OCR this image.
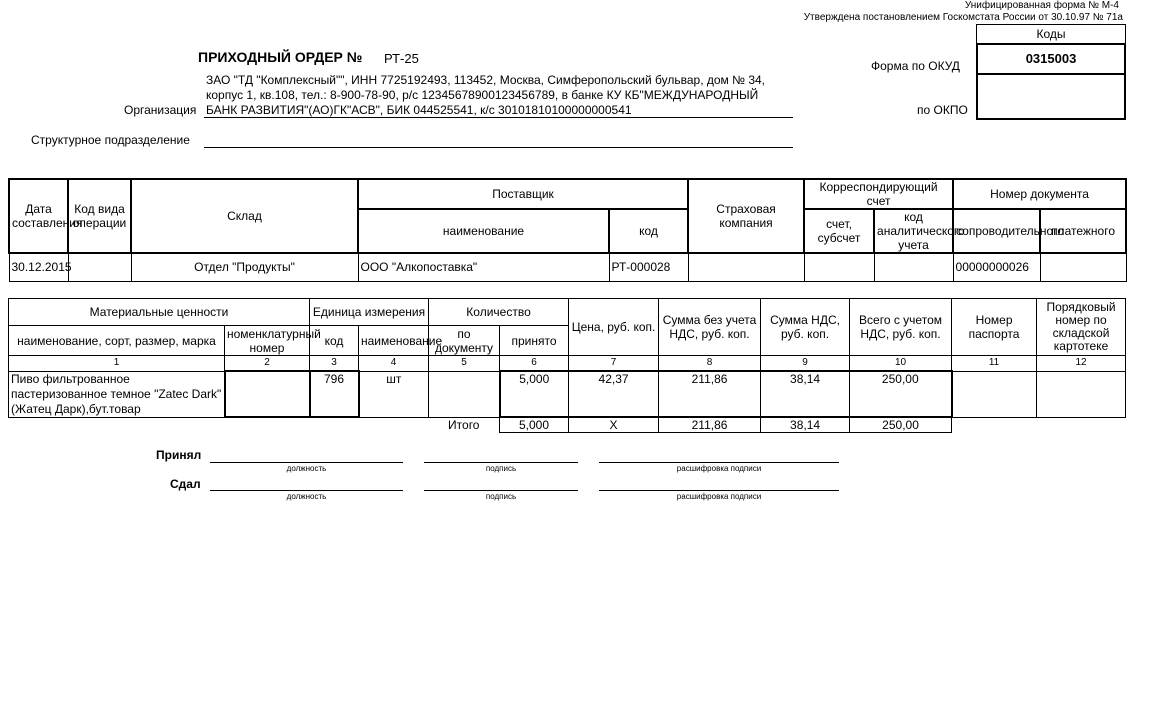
Унифицированная форма № М-4
Утверждена постановлением Госкомстата России от 30.10.97 № 71а
Коды
0315003
Форма по ОКУД
по ОКПО
ПРИХОДНЫЙ ОРДЕР № РТ-25
ЗАО "ТД "Комплексный"", ИНН 7725192493, 113452, Москва, Симферопольский бульвар, дом № 34,
корпус 1, кв.108, тел.: 8-900-78-90, р/с 12345678900123456789, в банке КУ КБ"МЕЖДУНАРОДНЫЙ
БАНК РАЗВИТИЯ"(АО)ГК"АСВ", БИК 044525541, к/с 30101810100000000541
Организация
Структурное подразделение
Дата составления	Код вида операции	Склад	Поставщик		Страховая компания	Корреспондирующий счет		Номер документа	
			наименование	код		счет, субсчет	код аналитического учета	сопроводительного	платежного
30.12.2015		Отдел "Продукты"	ООО "Алкопоставка"	РТ-000028				00000000026	
Материальные ценности		Единица измерения		Количество		Цена, руб. коп.	Сумма без учета НДС, руб. коп.	Сумма НДС, руб. коп.	Всего с учетом НДС, руб. коп.	Номер паспорта	Порядковый номер по складской картотеке
наименование, сорт, размер, марка	номенклатурный номер	код	наименование	по документу	принято						
1	2	3	4	5	6	7	8	9	10	11	12
Пиво фильтрованное пастеризованное темное "Zatec Dark" (Жатец Дарк),бут.товар		796	шт		5,000	42,37	211,86	38,14	250,00		
				Итого	5,000	X	211,86	38,14	250,00		
Принял
должность	подпись	расшифровка подписи
Сдал
должность	подпись	расшифровка подписи
